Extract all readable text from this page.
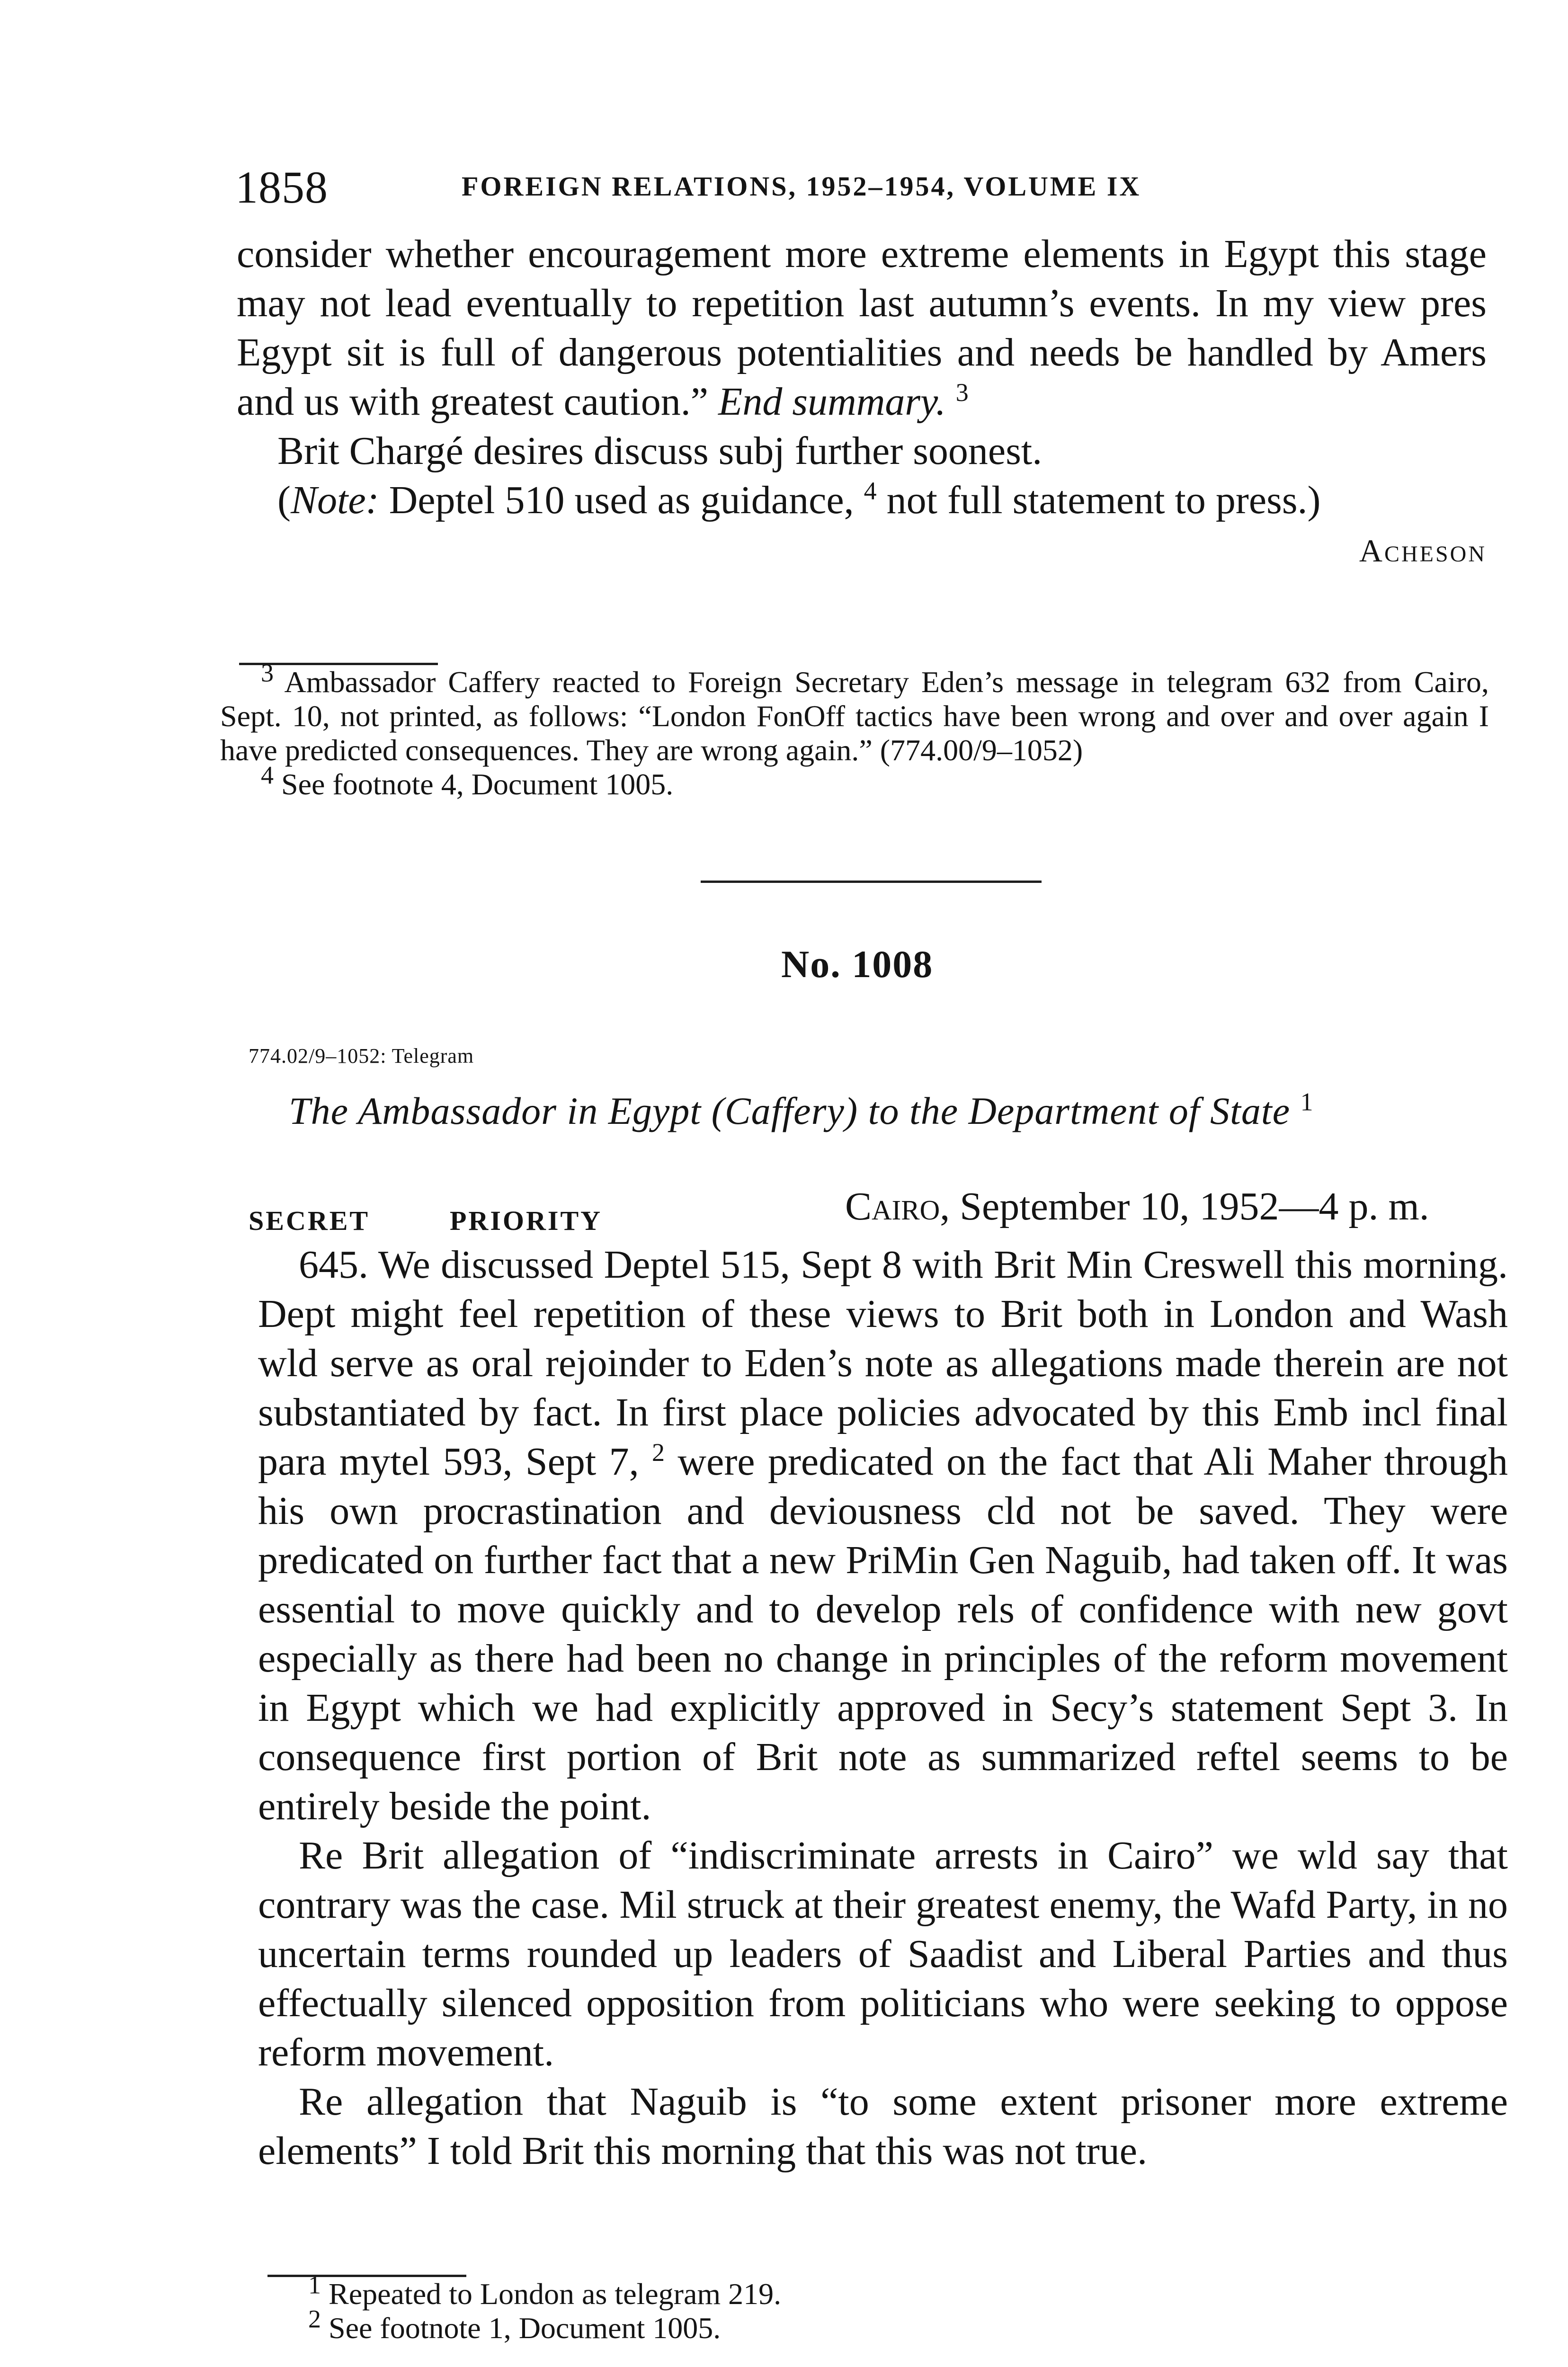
1858	FOREIGN RELATIONS, 1952–1954, VOLUME IX

consider whether encouragement more extreme elements in Egypt this stage may not lead eventually to repetition last autumn’s events. In my view pres Egypt sit is full of dangerous potentialities and needs be handled by Amers and us with greatest caution.” End summary. $^3$

Brit Chargé desires discuss subj further soonest.

(Note: Deptel 510 used as guidance, $^4$ not full statement to press.)

Acheson

$^3$ Ambassador Caffery reacted to Foreign Secretary Eden’s message in telegram 632 from Cairo, Sept. 10, not printed, as follows: “London FonOff tactics have been wrong and over and over again I have predicted consequences. They are wrong again.” (774.00/9–1052)

$^4$ See footnote 4, Document 1005.

No. 1008
774.02/9–1052: Telegram
The Ambassador in Egypt (Caffery) to the Department of State $^1$
SECRET	PRIORITY	Cairo, September 10, 1952—4 p. m.

645. We discussed Deptel 515, Sept 8 with Brit Min Creswell this morning. Dept might feel repetition of these views to Brit both in London and Wash wld serve as oral rejoinder to Eden’s note as allegations made therein are not substantiated by fact. In first place policies advocated by this Emb incl final para mytel 593, Sept 7, $^2$ were predicated on the fact that Ali Maher through his own procrastination and deviousness cld not be saved. They were predicated on further fact that a new PriMin Gen Naguib, had taken off. It was essential to move quickly and to develop rels of confidence with new govt especially as there had been no change in principles of the reform movement in Egypt which we had explicitly approved in Secy’s statement Sept 3. In consequence first portion of Brit note as summarized reftel seems to be entirely beside the point.

Re Brit allegation of “indiscriminate arrests in Cairo” we wld say that contrary was the case. Mil struck at their greatest enemy, the Wafd Party, in no uncertain terms rounded up leaders of Saadist and Liberal Parties and thus effectually silenced opposition from politicians who were seeking to oppose reform movement.

Re allegation that Naguib is “to some extent prisoner more extreme elements” I told Brit this morning that this was not true.

$^1$ Repeated to London as telegram 219.

$^2$ See footnote 1, Document 1005.
